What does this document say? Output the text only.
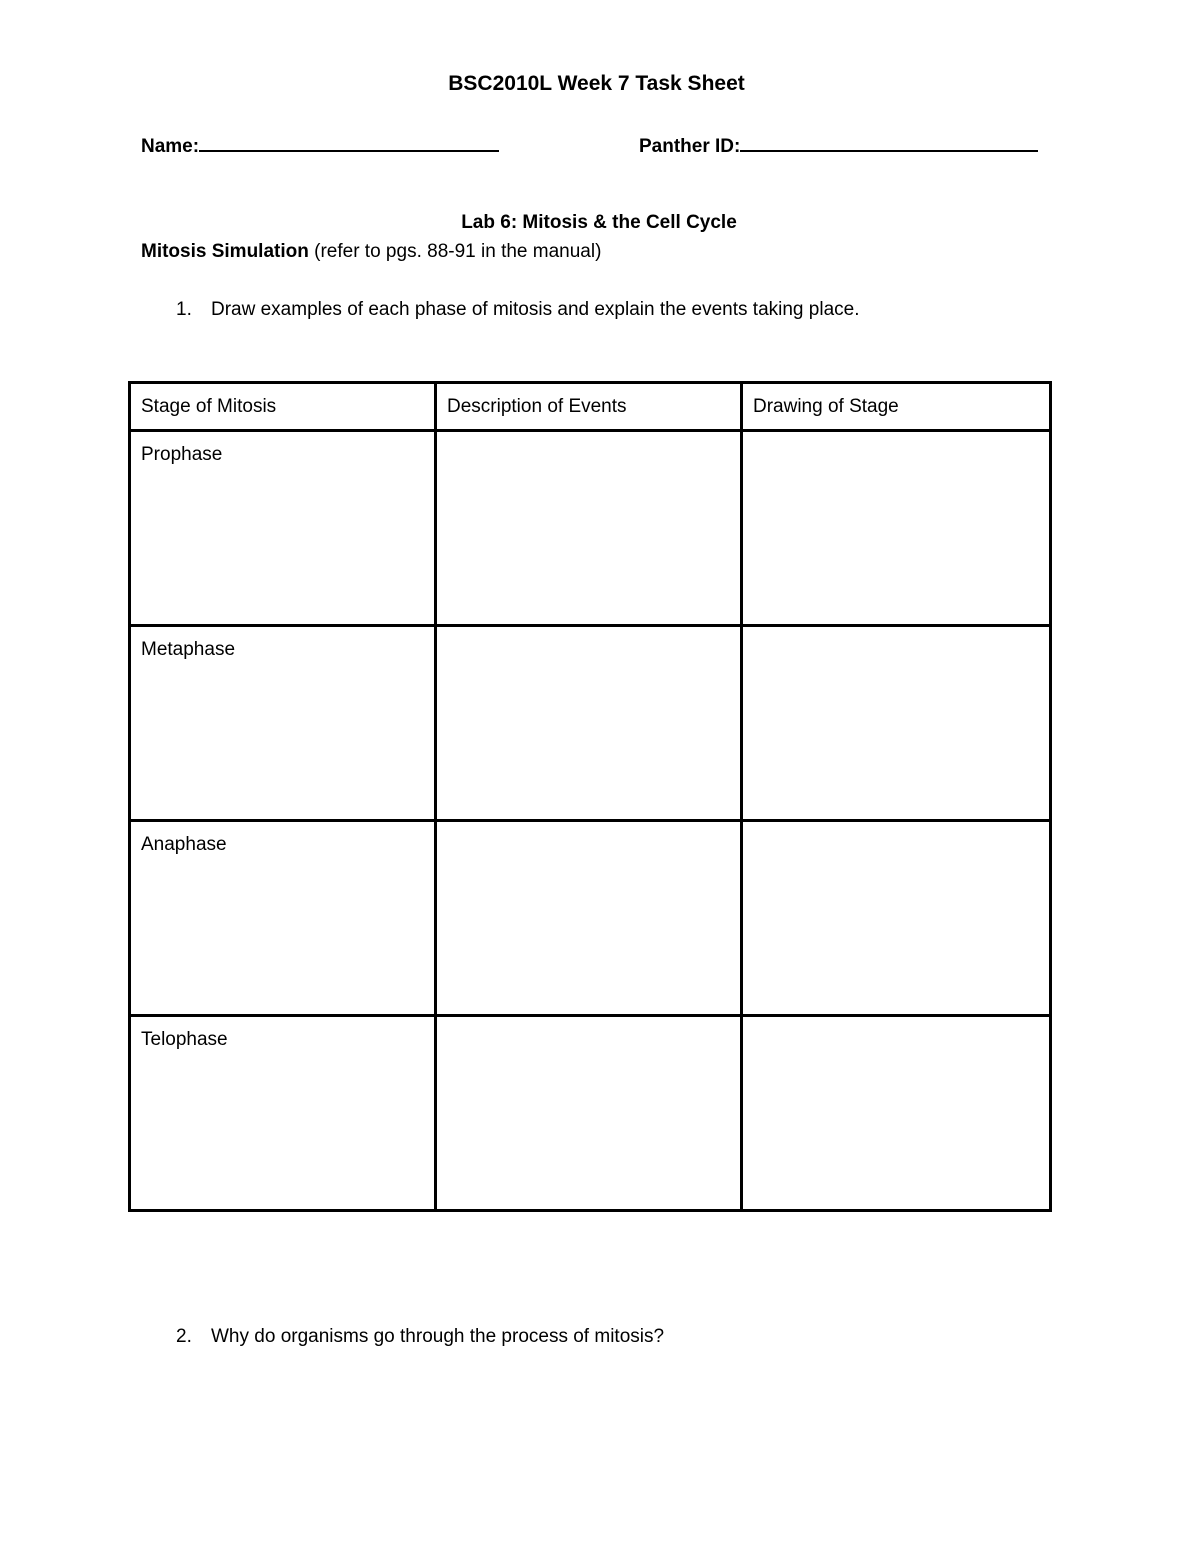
BSC2010L Week 7 Task Sheet
Name:	Panther ID:
Lab 6: Mitosis & the Cell Cycle
Mitosis Simulation (refer to pgs. 88-91 in the manual)
1. Draw examples of each phase of mitosis and explain the events taking place.
Stage of Mitosis	Description of Events	Drawing of Stage
Prophase		
Metaphase		
Anaphase		
Telophase		
2. Why do organisms go through the process of mitosis?
